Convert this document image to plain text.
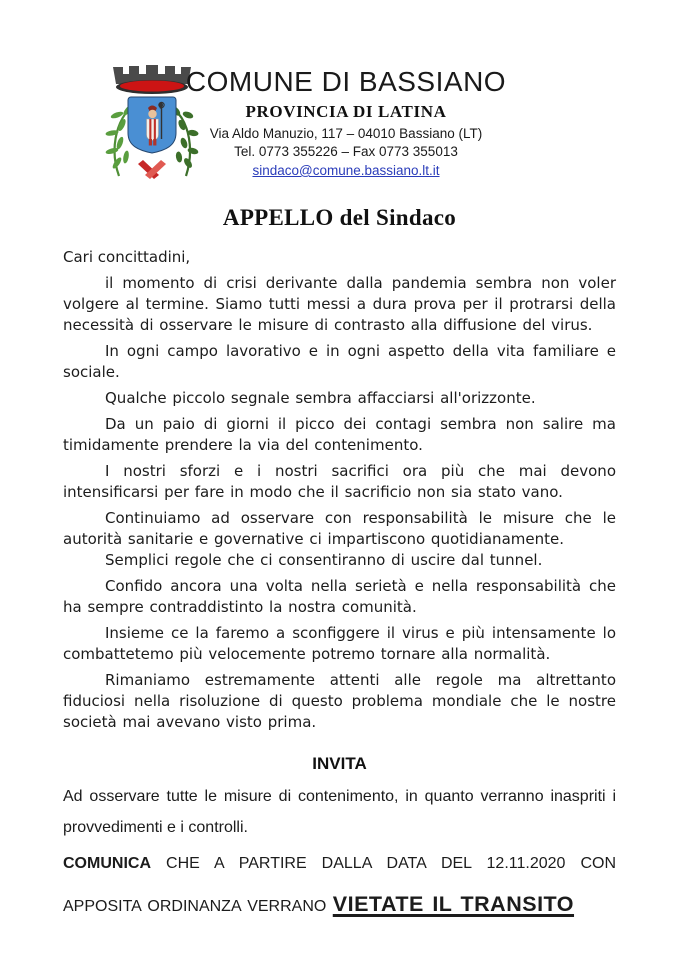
COMUNE DI BASSIANO
PROVINCIA DI LATINA
Via Aldo Manuzio, 117 – 04010 Bassiano (LT)
Tel. 0773 355226 – Fax 0773 355013
sindaco@comune.bassiano.lt.it
APPELLO del Sindaco

Cari concittadini,

il momento di crisi derivante dalla pandemia sembra non voler volgere al termine. Siamo tutti messi a dura prova per il protrarsi della necessità di osservare le misure di contrasto alla diffusione del virus.

In ogni campo lavorativo e in ogni aspetto della vita familiare e sociale.

Qualche piccolo segnale sembra affacciarsi all'orizzonte.

Da un paio di giorni il picco dei contagi sembra non salire ma timidamente prendere la via del contenimento.

I nostri sforzi e i nostri sacrifici ora più che mai devono intensificarsi per fare in modo che il sacrificio non sia stato vano.

Continuiamo ad osservare con responsabilità le misure che le autorità sanitarie e governative ci impartiscono quotidianamente.

Semplici regole che ci consentiranno di uscire dal tunnel.

Confido ancora una volta nella serietà e nella responsabilità che ha sempre contraddistinto la nostra comunità.

Insieme ce la faremo a sconfiggere il virus e più intensamente lo combattetemo più velocemente potremo tornare alla normalità.

Rimaniamo estremamente attenti alle regole ma altrettanto fiduciosi nella risoluzione di questo problema mondiale che le nostre società mai avevano visto prima.

INVITA

Ad osservare tutte le misure di contenimento, in quanto verranno inaspriti i provvedimenti e i controlli.

COMUNICA CHE A PARTIRE DALLA DATA DEL 12.11.2020 CON APPOSITA ORDINANZA VERRANO VIETATE IL TRANSITO
